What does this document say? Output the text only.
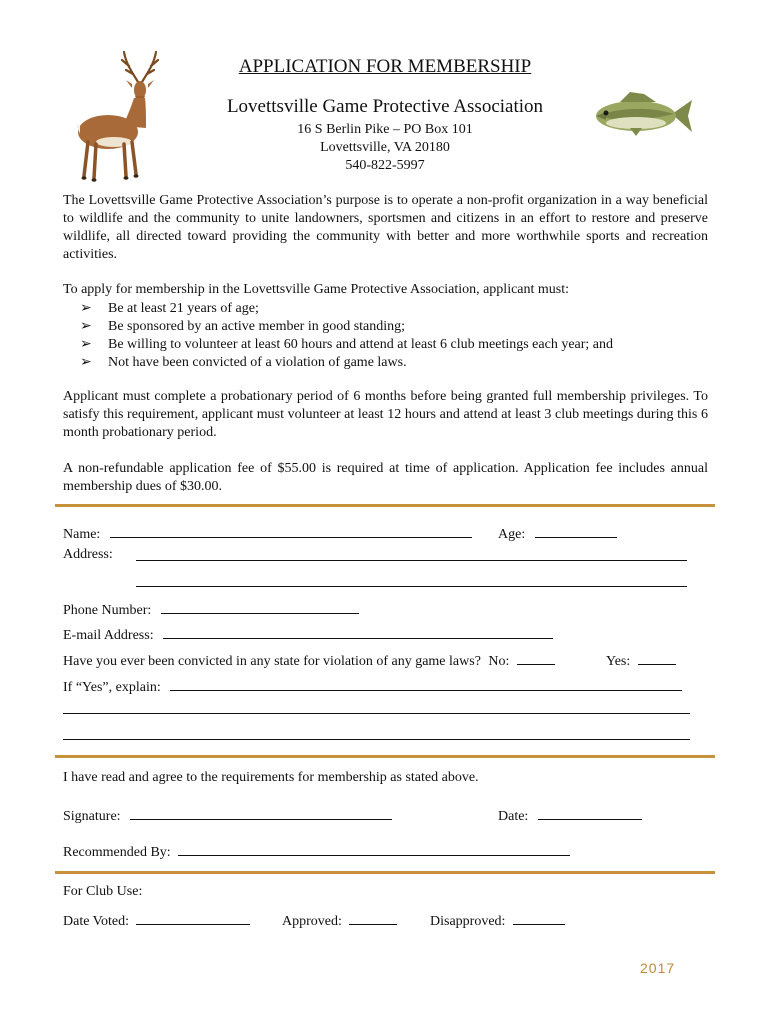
APPLICATION FOR MEMBERSHIP
Lovettsville Game Protective Association
16 S Berlin Pike – PO Box 101
Lovettsville, VA 20180
540-822-5997
The Lovettsville Game Protective Association’s purpose is to operate a non-profit organization in a way beneficial to wildlife and the community to unite landowners, sportsmen and citizens in an effort to restore and preserve wildlife, all directed toward providing the community with better and more worthwhile sports and recreation activities.
To apply for membership in the Lovettsville Game Protective Association, applicant must:
➢ Be at least 21 years of age;
➢ Be sponsored by an active member in good standing;
➢ Be willing to volunteer at least 60 hours and attend at least 6 club meetings each year; and
➢ Not have been convicted of a violation of game laws.
Applicant must complete a probationary period of 6 months before being granted full membership privileges. To satisfy this requirement, applicant must volunteer at least 12 hours and attend at least 3 club meetings during this 6 month probationary period.
A non-refundable application fee of $55.00 is required at time of application. Application fee includes annual membership dues of $30.00.
Name:	Age:
Address:
Phone Number:
E-mail Address:
Have you ever been convicted in any state for violation of any game laws? No:	Yes:
If “Yes”, explain:
I have read and agree to the requirements for membership as stated above.
Signature:	Date:
Recommended By:
For Club Use:
Date Voted:	Approved:	Disapproved:
2017
